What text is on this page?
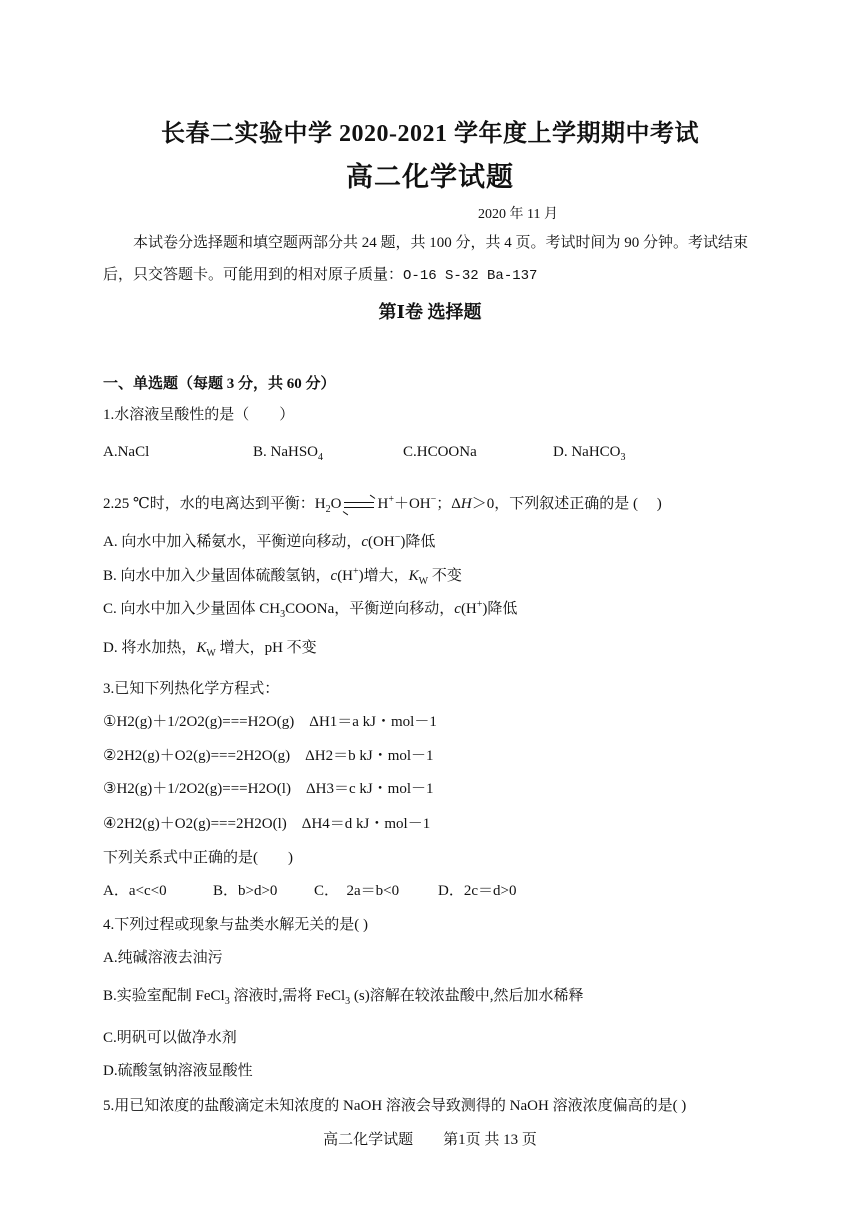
长春二实验中学 2020-2021 学年度上学期期中考试
高二化学试题
2020 年 11 月
本试卷分选择题和填空题两部分共 24 题，共 100 分，共 4 页。考试时间为 90 分钟。考试结束后，只交答题卡。可能用到的相对原子质量：O-16 S-32 Ba-137
第Ⅰ卷 选择题
一、单选题（每题 3 分，共 60 分）
1.水溶液呈酸性的是（　　）
A.NaCl	B. NaHSO$_4$	C.HCOONa	D. NaHCO$_3$
2.25 ℃时，水的电离达到平衡：$H_2O$ H+＋OH−；ΔH＞0，下列叙述正确的是 (　 )
A. 向水中加入稀氨水，平衡逆向移动，c(OH−)降低
B. 向水中加入少量固体硫酸氢钠，c(H+)增大，$K_W$ 不变
C. 向水中加入少量固体 $CH_3COONa$，平衡逆向移动，c(H+)降低
D. 将水加热，$K_W$ 增大，pH 不变
3.已知下列热化学方程式：
①H2(g)＋1/2O2(g)===H2O(g)　ΔH1＝a kJ・mol－1
②2H2(g)＋O2(g)===2H2O(g)　ΔH2＝b kJ・mol－1
③H2(g)＋1/2O2(g)===H2O(l)　ΔH3＝c kJ・mol－1
④2H2(g)＋O2(g)===2H2O(l)　ΔH4＝d kJ・mol－1
下列关系式中正确的是(　　)
A．a<c<0	B．b>d>0 C．　2a＝b<0	D．2c＝d>0
4.下列过程或现象与盐类水解无关的是( )
A.纯碱溶液去油污
B.实验室配制 FeCl$_3$ 溶液时,需将 FeCl$_3$ (s)溶解在较浓盐酸中,然后加水稀释
C.明矾可以做净水剂
D.硫酸氢钠溶液显酸性
5.用已知浓度的盐酸滴定未知浓度的 NaOH 溶液会导致测得的 NaOH 溶液浓度偏高的是( )
高二化学试题　　第1页 共 13 页
